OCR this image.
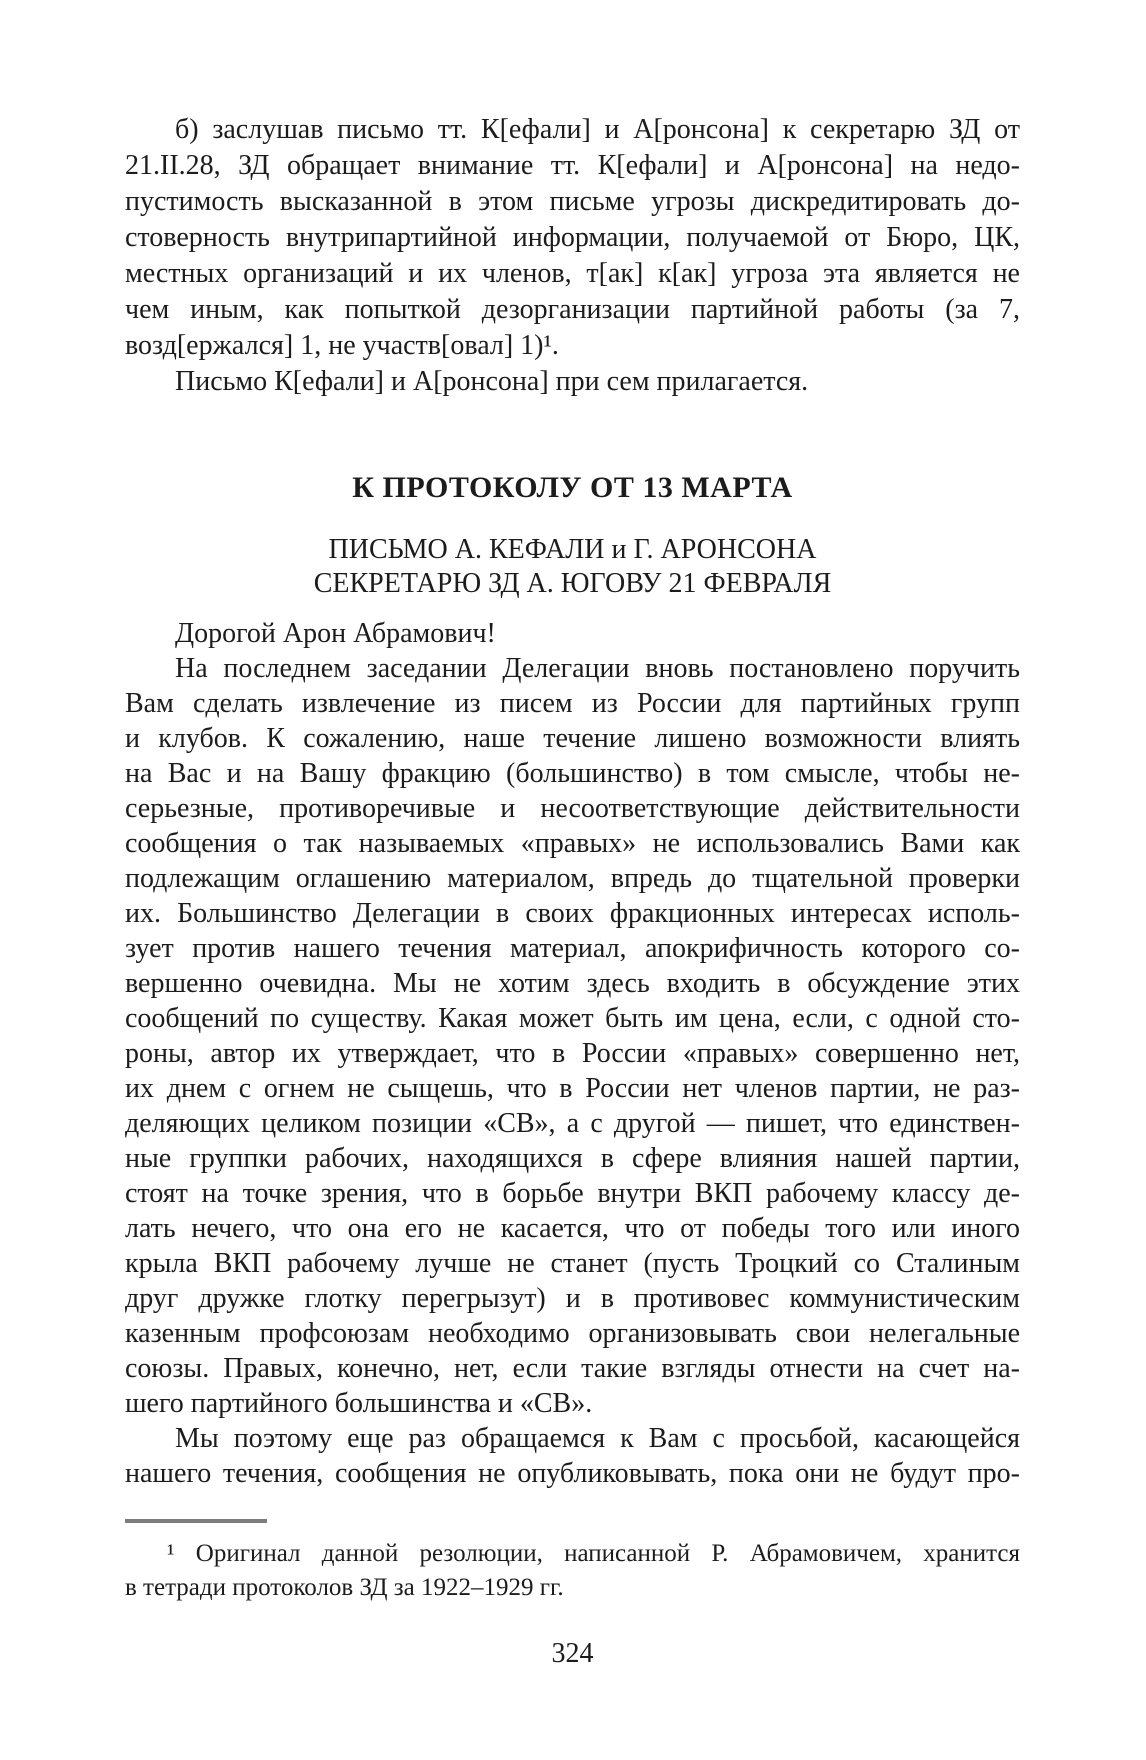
б) заслушав письмо тт. К[ефали] и А[ронсона] к секретарю ЗД от
21.II.28, ЗД обращает внимание тт. К[ефали] и А[ронсона] на недо-
пустимость высказанной в этом письме угрозы дискредитировать до-
стоверность внутрипартийной информации, получаемой от Бюро, ЦК,
местных организаций и их членов, т[ак] к[ак] угроза эта является не
чем иным, как попыткой дезорганизации партийной работы (за 7,
возд[ержался] 1, не участв[овал] 1)¹.
Письмо К[ефали] и А[ронсона] при сем прилагается.
К ПРОТОКОЛУ ОТ 13 МАРТА
ПИСЬМО А. КЕФАЛИ и Г. АРОНСОНА
СЕКРЕТАРЮ ЗД А. ЮГОВУ 21 ФЕВРАЛЯ
Дорогой Арон Абрамович!
На последнем заседании Делегации вновь постановлено поручить
Вам сделать извлечение из писем из России для партийных групп
и клубов. К сожалению, наше течение лишено возможности влиять
на Вас и на Вашу фракцию (большинство) в том смысле, чтобы не-
серьезные, противоречивые и несоответствующие действительности
сообщения о так называемых «правых» не использовались Вами как
подлежащим оглашению материалом, впредь до тщательной проверки
их. Большинство Делегации в своих фракционных интересах исполь-
зует против нашего течения материал, апокрифичность которого со-
вершенно очевидна. Мы не хотим здесь входить в обсуждение этих
сообщений по существу. Какая может быть им цена, если, с одной сто-
роны, автор их утверждает, что в России «правых» совершенно нет,
их днем с огнем не сыщешь, что в России нет членов партии, не раз-
деляющих целиком позиции «СВ», а с другой — пишет, что единствен-
ные группки рабочих, находящихся в сфере влияния нашей партии,
стоят на точке зрения, что в борьбе внутри ВКП рабочему классу де-
лать нечего, что она его не касается, что от победы того или иного
крыла ВКП рабочему лучше не станет (пусть Троцкий со Сталиным
друг дружке глотку перегрызут) и в противовес коммунистическим
казенным профсоюзам необходимо организовывать свои нелегальные
союзы. Правых, конечно, нет, если такие взгляды отнести на счет на-
шего партийного большинства и «СВ».
Мы поэтому еще раз обращаемся к Вам с просьбой, касающейся
нашего течения, сообщения не опубликовывать, пока они не будут про-
¹ Оригинал данной резолюции, написанной Р. Абрамовичем, хранится
в тетради протоколов ЗД за 1922–1929 гг.
324
